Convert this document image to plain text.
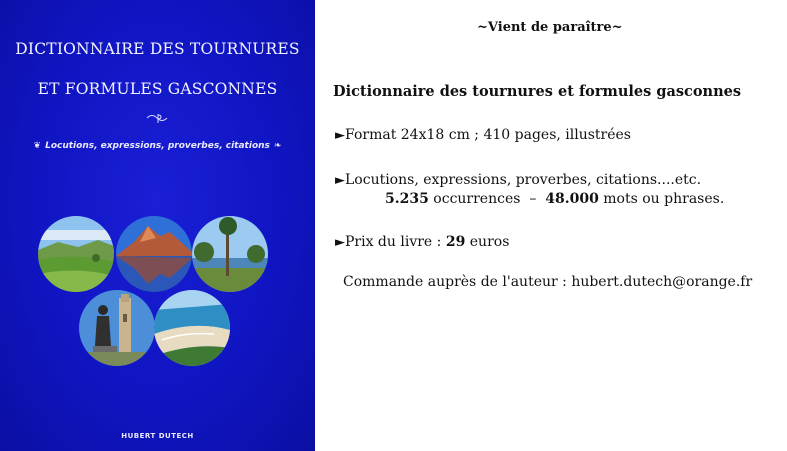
DICTIONNAIRE DES TOURNURES
ET FORMULES GASCONNES
❦ Locutions, expressions, proverbes, citations ❧
HUBERT DUTECH
~Vient de paraître~
Dictionnaire des tournures et formules gasconnes
►Format 24x18 cm ; 410 pages, illustrées
►Locutions, expressions, proverbes, citations....etc.
5.235 occurrences – 48.000 mots ou phrases.
►Prix du livre : 29 euros
Commande auprès de l'auteur : hubert.dutech@orange.fr
